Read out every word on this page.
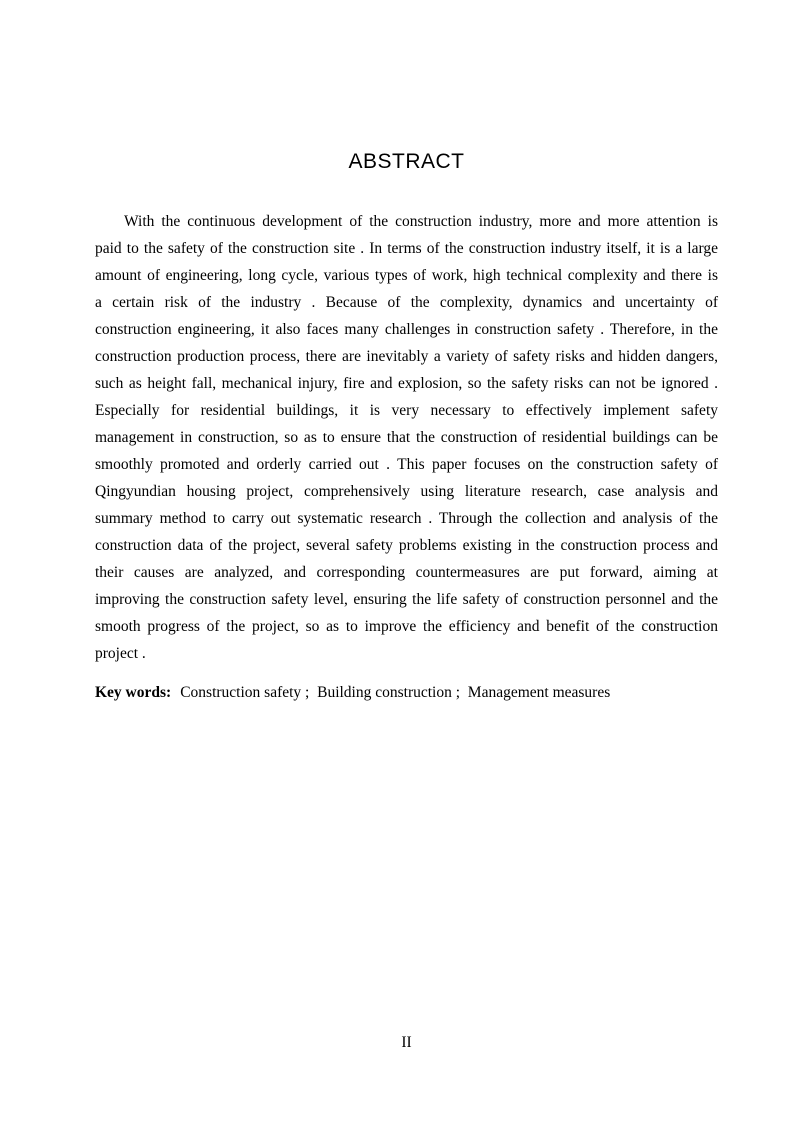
ABSTRACT
With the continuous development of the construction industry, more and more attention is
paid to the safety of the construction site . In terms of the construction industry itself, it is a large
amount of engineering, long cycle, various types of work, high technical complexity and there is
a certain risk of the industry . Because of the complexity, dynamics and uncertainty of
construction engineering, it also faces many challenges in construction safety . Therefore, in the
construction production process, there are inevitably a variety of safety risks and hidden dangers,
such as height fall, mechanical injury, fire and explosion, so the safety risks can not be ignored .
Especially for residential buildings, it is very necessary to effectively implement safety
management in construction, so as to ensure that the construction of residential buildings can be
smoothly promoted and orderly carried out . This paper focuses on the construction safety of
Qingyundian housing project, comprehensively using literature research, case analysis and
summary method to carry out systematic research . Through the collection and analysis of the
construction data of the project, several safety problems existing in the construction process and
their causes are analyzed, and corresponding countermeasures are put forward, aiming at
improving the construction safety level, ensuring the life safety of construction personnel and the
smooth progress of the project, so as to improve the efficiency and benefit of the construction
project .

Key words: Construction safety ;  Building construction ;  Management measures

II
